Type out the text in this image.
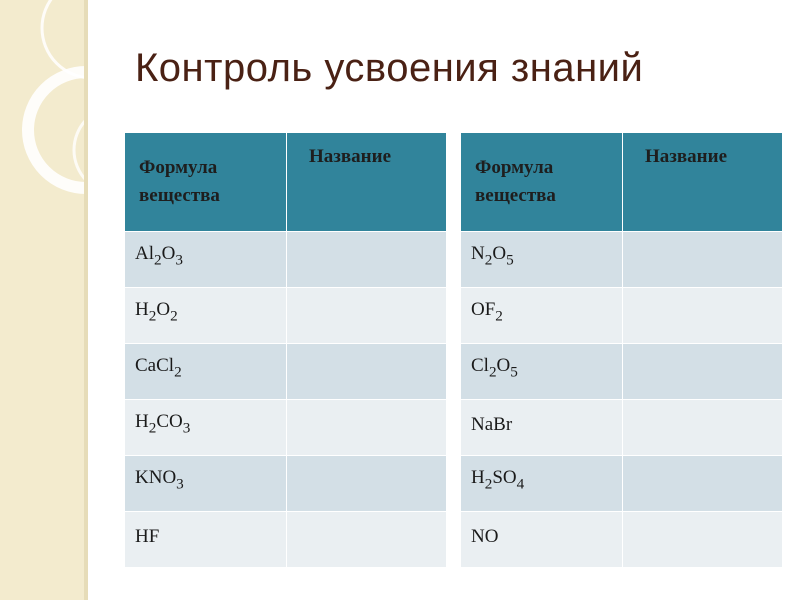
Контроль усвоения знаний
Формула вещества	Название
$Al_2O_3$	
$H_2O_2$	
CaCl$_2$	
$H_2CO_3$	
$KNO_3$	
HF	
Формула вещества	Название
$N_2O_5$	
$OF_2$	
$Cl_2O_5$	
NaBr	
$H_2SO_4$	
NO	
